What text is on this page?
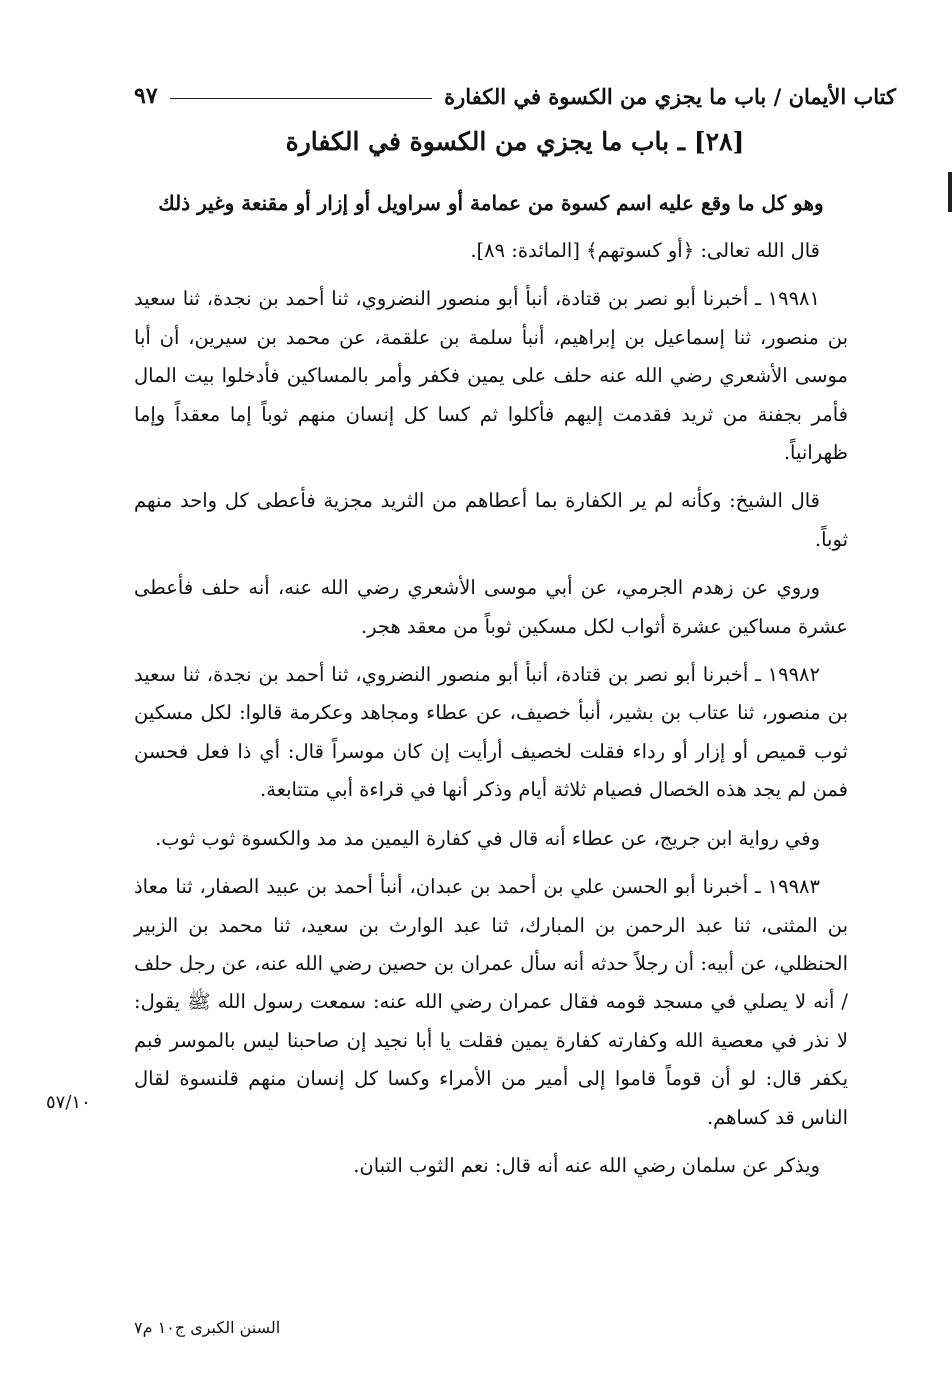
كتاب الأيمان / باب ما يجزي من الكسوة في الكفارة
٩٧
[٢٨] ـ باب ما يجزي من الكسوة في الكفارة
وهو كل ما وقع عليه اسم كسوة من عمامة أو سراويل أو إزار أو مقنعة وغير ذلك

قال الله تعالى: ﴿أو كسوتهم﴾ [المائدة: ٨٩].

١٩٩٨١ ـ أخبرنا أبو نصر بن قتادة، أنبأ أبو منصور النضروي، ثنا أحمد بن نجدة، ثنا سعيد بن منصور، ثنا إسماعيل بن إبراهيم، أنبأ سلمة بن علقمة، عن محمد بن سيرين، أن أبا موسى الأشعري رضي الله عنه حلف على يمين فكفر وأمر بالمساكين فأدخلوا بيت المال فأمر بجفنة من ثريد فقدمت إليهم فأكلوا ثم كسا كل إنسان منهم ثوباً إما معقداً وإما ظهرانياً.

قال الشيخ: وكأنه لم ير الكفارة بما أعطاهم من الثريد مجزية فأعطى كل واحد منهم ثوباً.

وروي عن زهدم الجرمي، عن أبي موسى الأشعري رضي الله عنه، أنه حلف فأعطى عشرة مساكين عشرة أثواب لكل مسكين ثوباً من معقد هجر.

١٩٩٨٢ ـ أخبرنا أبو نصر بن قتادة، أنبأ أبو منصور النضروي، ثنا أحمد بن نجدة، ثنا سعيد بن منصور، ثنا عتاب بن بشير، أنبأ خصيف، عن عطاء ومجاهد وعكرمة قالوا: لكل مسكين ثوب قميص أو إزار أو رداء فقلت لخصيف أرأيت إن كان موسراً قال: أي ذا فعل فحسن فمن لم يجد هذه الخصال فصيام ثلاثة أيام وذكر أنها في قراءة أبي متتابعة.

وفي رواية ابن جريج، عن عطاء أنه قال في كفارة اليمين مد مد والكسوة ثوب ثوب.

١٩٩٨٣ ـ أخبرنا أبو الحسن علي بن أحمد بن عبدان، أنبأ أحمد بن عبيد الصفار، ثنا معاذ بن المثنى، ثنا عبد الرحمن بن المبارك، ثنا عبد الوارث بن سعيد، ثنا محمد بن الزبير الحنظلي، عن أبيه: أن رجلاً حدثه أنه سأل عمران بن حصين رضي الله عنه، عن رجل حلف / أنه لا يصلي في مسجد قومه فقال عمران رضي الله عنه: سمعت رسول الله ﷺ يقول: لا نذر في معصية الله وكفارته كفارة يمين فقلت يا أبا نجيد إن صاحبنا ليس بالموسر فبم يكفر قال: لو أن قوماً قاموا إلى أمير من الأمراء وكسا كل إنسان منهم قلنسوة لقال الناس قد كساهم.

ويذكر عن سلمان رضي الله عنه أنه قال: نعم الثوب التبان.

٥٧/١٠
السنن الكبرى ج١٠ م٧
